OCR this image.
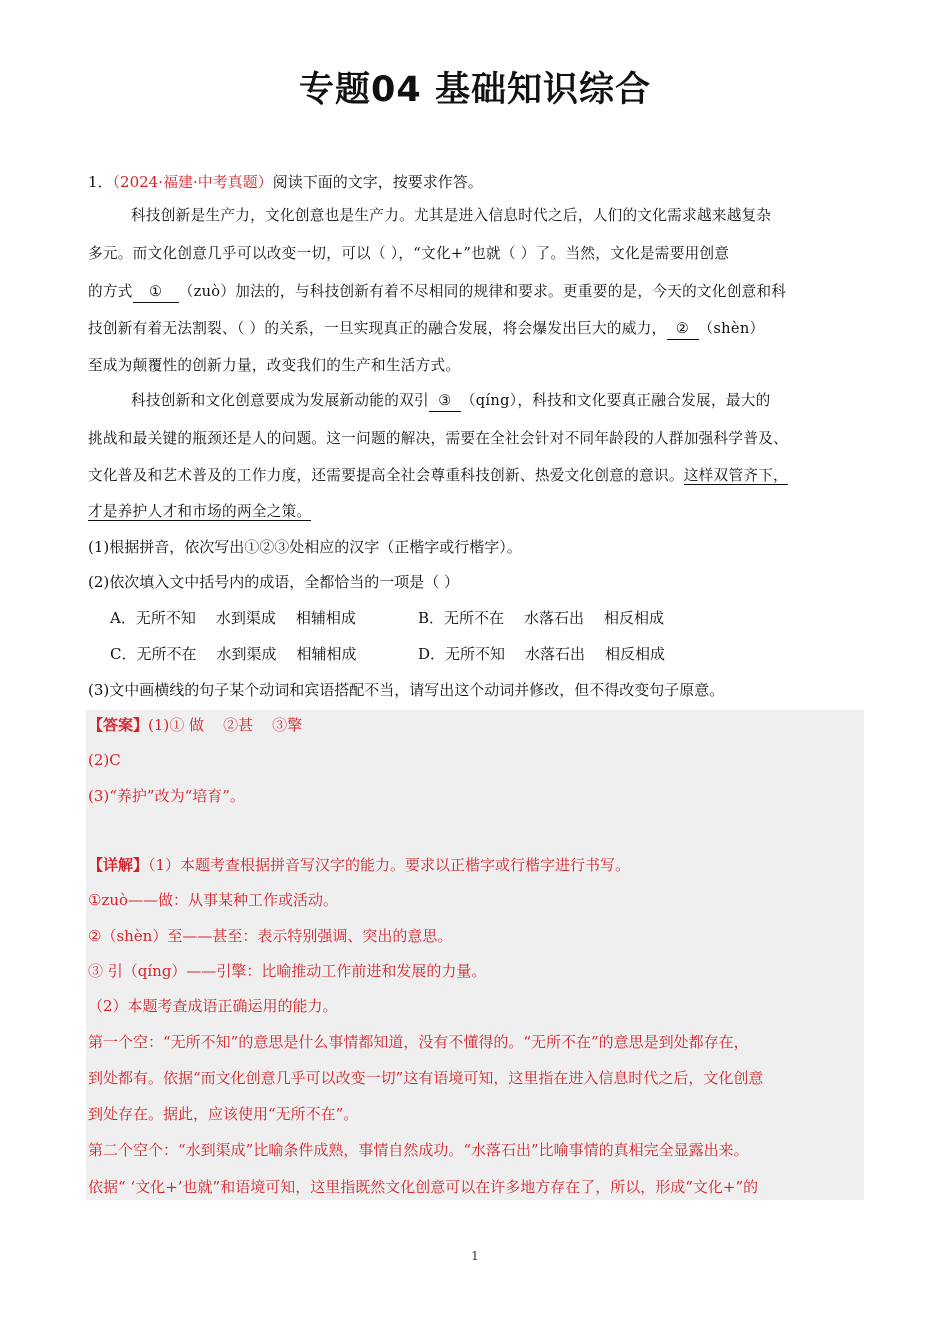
专题04 基础知识综合
1．（2024·福建·中考真题）阅读下面的文字，按要求作答。
科技创新是生产力，文化创意也是生产力。尤其是进入信息时代之后，人们的文化需求越来越复杂
多元。而文化创意几乎可以改变一切，可以（ ），“文化+”也就（ ）了。当然，文化是需要用创意
的方式 ① （zuò）加法的，与科技创新有着不尽相同的规律和要求。更重要的是，今天的文化创意和科
技创新有着无法割裂、（ ）的关系，一旦实现真正的融合发展，将会爆发出巨大的威力， ② （shèn）
至成为颠覆性的创新力量，改变我们的生产和生活方式。
科技创新和文化创意要成为发展新动能的双引 ③ （qíng），科技和文化要真正融合发展，最大的
挑战和最关键的瓶颈还是人的问题。这一问题的解决，需要在全社会针对不同年龄段的人群加强科学普及、
文化普及和艺术普及的工作力度，还需要提高全社会尊重科技创新、热爱文化创意的意识。这样双管齐下，
才是养护人才和市场的两全之策。
(1)根据拼音，依次写出①②③处相应的汉字（正楷字或行楷字）。
(2)依次填入文中括号内的成语，全都恰当的一项是（ ）
A．无所不知 水到渠成 相辅相成	B．无所不在 水落石出 相反相成
C．无所不在 水到渠成 相辅相成	D．无所不知 水落石出 相反相成
(3)文中画横线的句子某个动词和宾语搭配不当，请写出这个动词并修改，但不得改变句子原意。
【答案】(1)① 做    ②甚    ③擎
(2)C
(3)“养护”改为“培育”。
【详解】（1）本题考查根据拼音写汉字的能力。要求以正楷字或行楷字进行书写。
①zuò——做：从事某种工作或活动。
②（shèn）至——甚至：表示特别强调、突出的意思。
③ 引（qíng）——引擎：比喻推动工作前进和发展的力量。
（2）本题考查成语正确运用的能力。
第一个空：“无所不知”的意思是什么事情都知道，没有不懂得的。“无所不在”的意思是到处都存在，
到处都有。依据“而文化创意几乎可以改变一切”这有语境可知，这里指在进入信息时代之后，文化创意
到处存在。据此，应该使用“无所不在”。
第二个空个：“水到渠成”比喻条件成熟，事情自然成功。“水落石出”比喻事情的真相完全显露出来。
依据“ ‘文化+’也就”和语境可知，这里指既然文化创意可以在许多地方存在了，所以，形成“文化+”的
1
